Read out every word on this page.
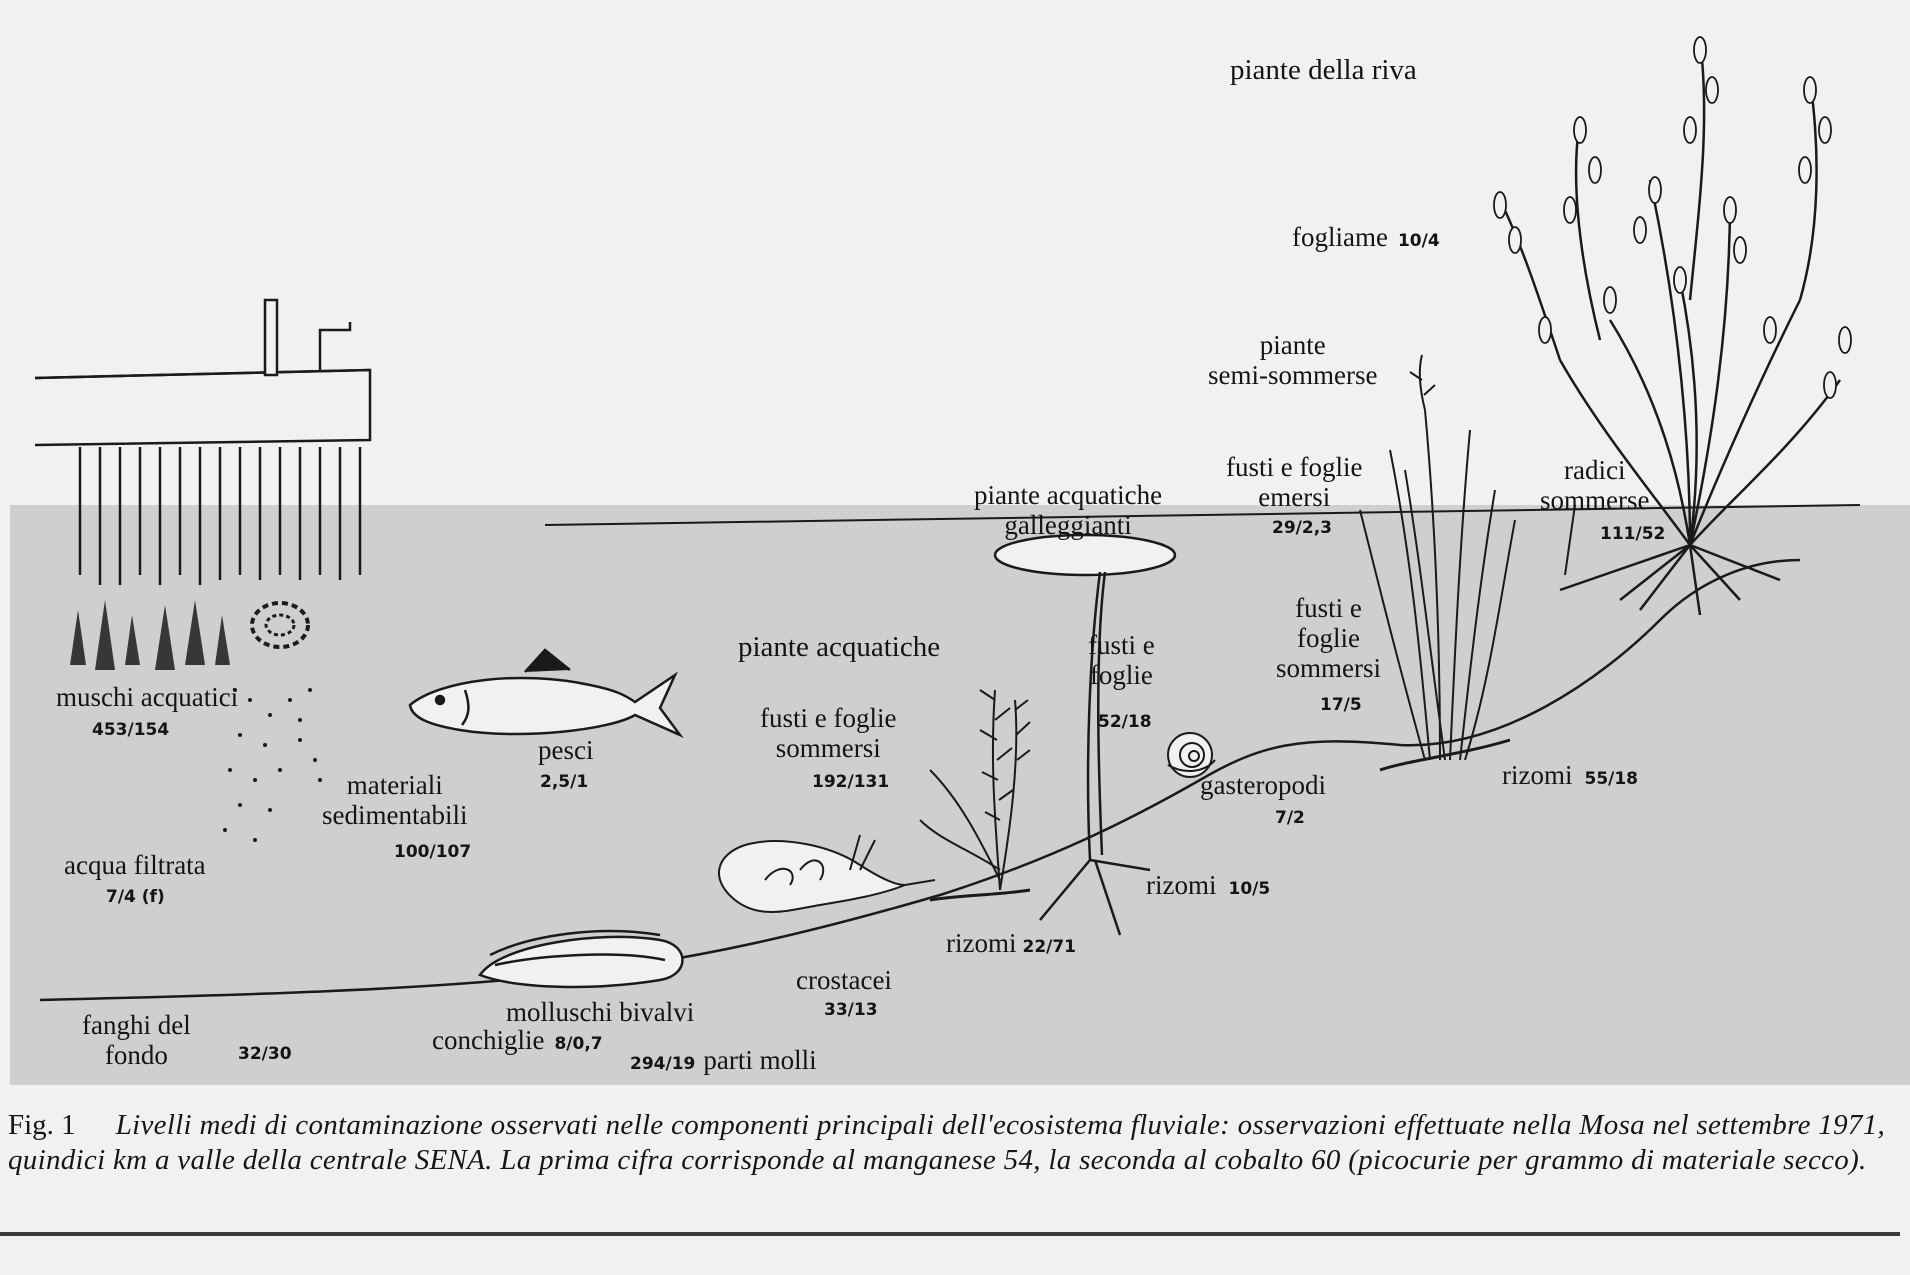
piante della riva
fogliame 10/4
piante
semi-sommerse
fusti e foglie
emersi
29/2,3
radici
sommerse
111/52
piante acquatiche
galleggianti
fusti e
foglie
52/18
fusti e
foglie
sommersi
17/5
piante acquatiche
fusti e foglie
sommersi
192/131
muschi acquatici
453/154
pesci
2,5/1
materiali
sedimentabili
100/107
acqua filtrata
7/4 (f)
gasteropodi
7/2
rizomi 55/18
rizomi 10/5
rizomi 22/71
crostacei
33/13
molluschi bivalvi
conchiglie 8/0,7
294/19 parti molli
fanghi del
fondo	32/30
Fig. 1 Livelli medi di contaminazione osservati nelle componenti principali dell'ecosistema fluviale: osservazioni effettuate nella Mosa nel settembre 1971, quindici km a valle della centrale SENA. La prima cifra corrisponde al manganese 54, la seconda al cobalto 60 (picocurie per grammo di materiale secco).
